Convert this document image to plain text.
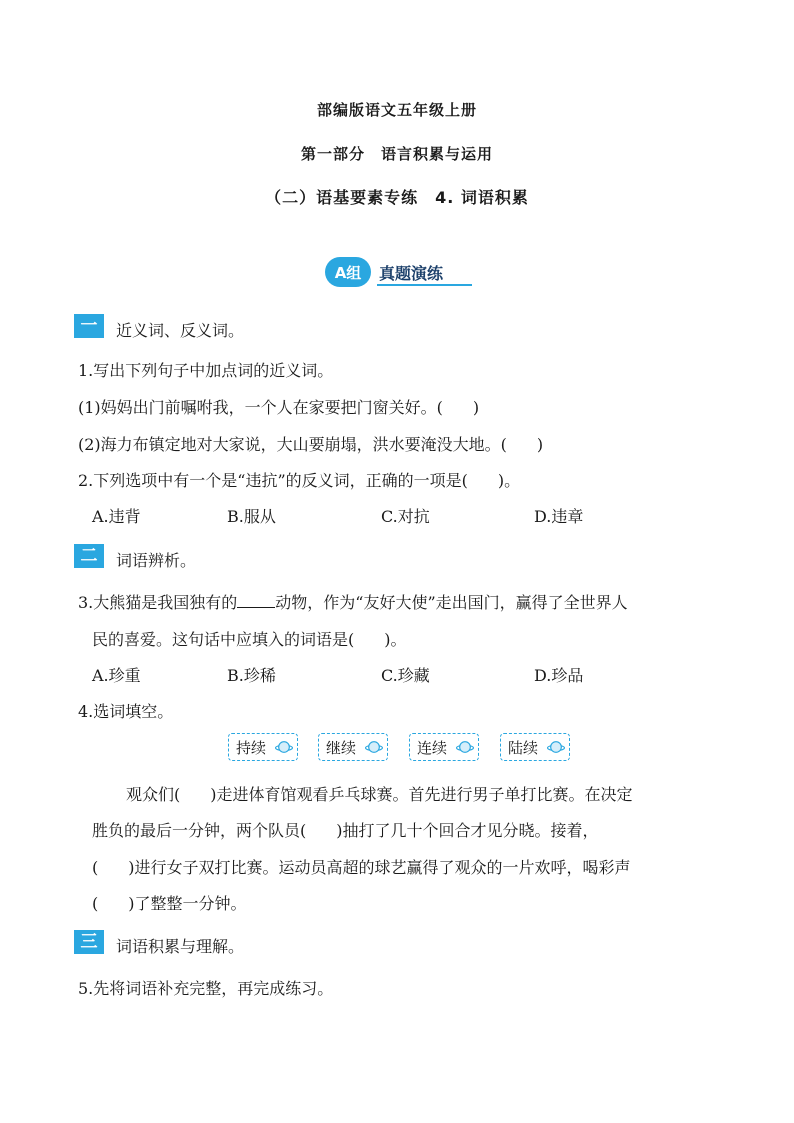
部编版语文五年级上册
第一部分　语言积累与运用
（二）语基要素专练　4. 词语积累
A组	真题演练
一	近义词、反义词。
1.写出下列句子中加点词的近义词。
(1)妈妈出门前嘱咐我，一个人在家要把门窗关好。( )
(2)海力布镇定地对大家说，大山要崩塌，洪水要淹没大地。( )
2.下列选项中有一个是“违抗”的反义词，正确的一项是( )。
A.违背	B.服从	C.对抗	D.违章
二	词语辨析。
3.大熊猫是我国独有的 动物，作为“友好大使”走出国门，赢得了全世界人
民的喜爱。这句话中应填入的词语是( )。
A.珍重	B.珍稀	C.珍藏	D.珍品
4.选词填空。
持续	继续	连续	陆续
观众们( )走进体育馆观看乒乓球赛。首先进行男子单打比赛。在决定
胜负的最后一分钟，两个队员( )抽打了几十个回合才见分晓。接着，
( )进行女子双打比赛。运动员高超的球艺赢得了观众的一片欢呼，喝彩声
( )了整整一分钟。
三	词语积累与理解。
5.先将词语补充完整，再完成练习。
